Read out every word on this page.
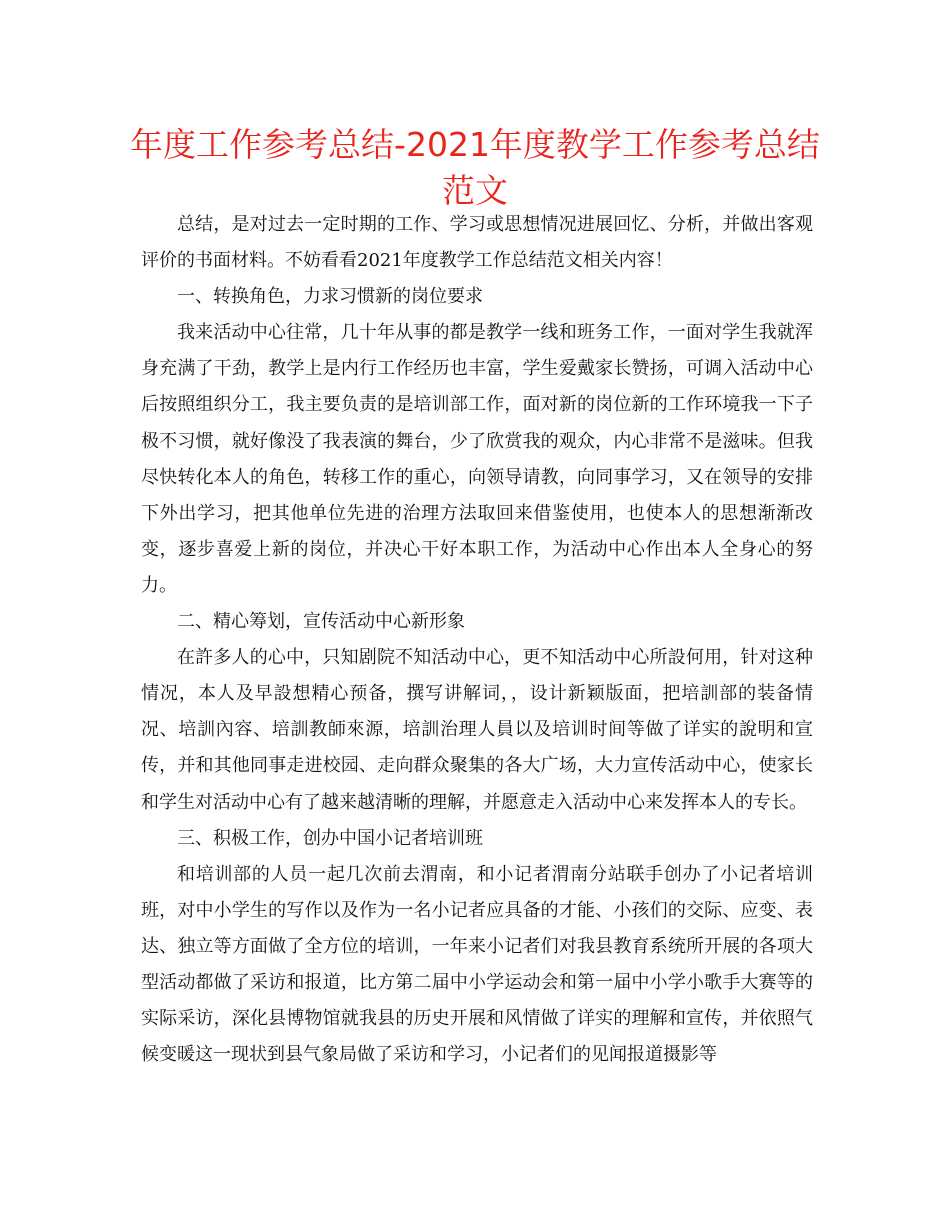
年度工作参考总结-2021年度教学工作参考总结
范文

总结，是对过去一定时期的工作、学习或思想情况进展回忆、分析，并做出客观评价的书面材料。不妨看看2021年度教学工作总结范文相关内容！

一、转换角色，力求习惯新的岗位要求

我来活动中心往常，几十年从事的都是教学一线和班务工作，一面对学生我就浑身充满了干劲，教学上是内行工作经历也丰富，学生爱戴家长赞扬，可调入活动中心后按照组织分工，我主要负责的是培训部工作，面对新的岗位新的工作环境我一下子极不习惯，就好像没了我表演的舞台，少了欣赏我的观众，内心非常不是滋味。但我尽快转化本人的角色，转移工作的重心，向领导请教，向同事学习，又在领导的安排下外出学习，把其他单位先进的治理方法取回来借鉴使用，也使本人的思想渐渐改变，逐步喜爱上新的岗位，并决心干好本职工作，为活动中心作出本人全身心的努力。

二、精心筹划，宣传活动中心新形象

在許多人的心中，只知剧院不知活动中心，更不知活动中心所設何用，针对这种情况，本人及早設想精心预备，撰写讲解词，，设计新颖版面，把培訓部的装备情况、培訓內容、培訓教師來源，培訓治理人員以及培训时间等做了详实的說明和宣传，并和其他同事走进校园、走向群众聚集的各大广场，大力宣传活动中心，使家长和学生对活动中心有了越来越清晰的理解，并愿意走入活动中心来发挥本人的专长。

三、积极工作，创办中国小记者培训班

和培训部的人员一起几次前去渭南，和小记者渭南分站联手创办了小记者培训班，对中小学生的写作以及作为一名小记者应具备的才能、小孩们的交际、应变、表达、独立等方面做了全方位的培训，一年来小记者们对我县教育系统所开展的各项大型活动都做了采访和报道，比方第二届中小学运动会和第一届中小学小歌手大赛等的实际采访，深化县博物馆就我县的历史开展和风情做了详实的理解和宣传，并依照气候变暖这一现状到县气象局做了采访和学习，小记者们的见闻报道摄影等
